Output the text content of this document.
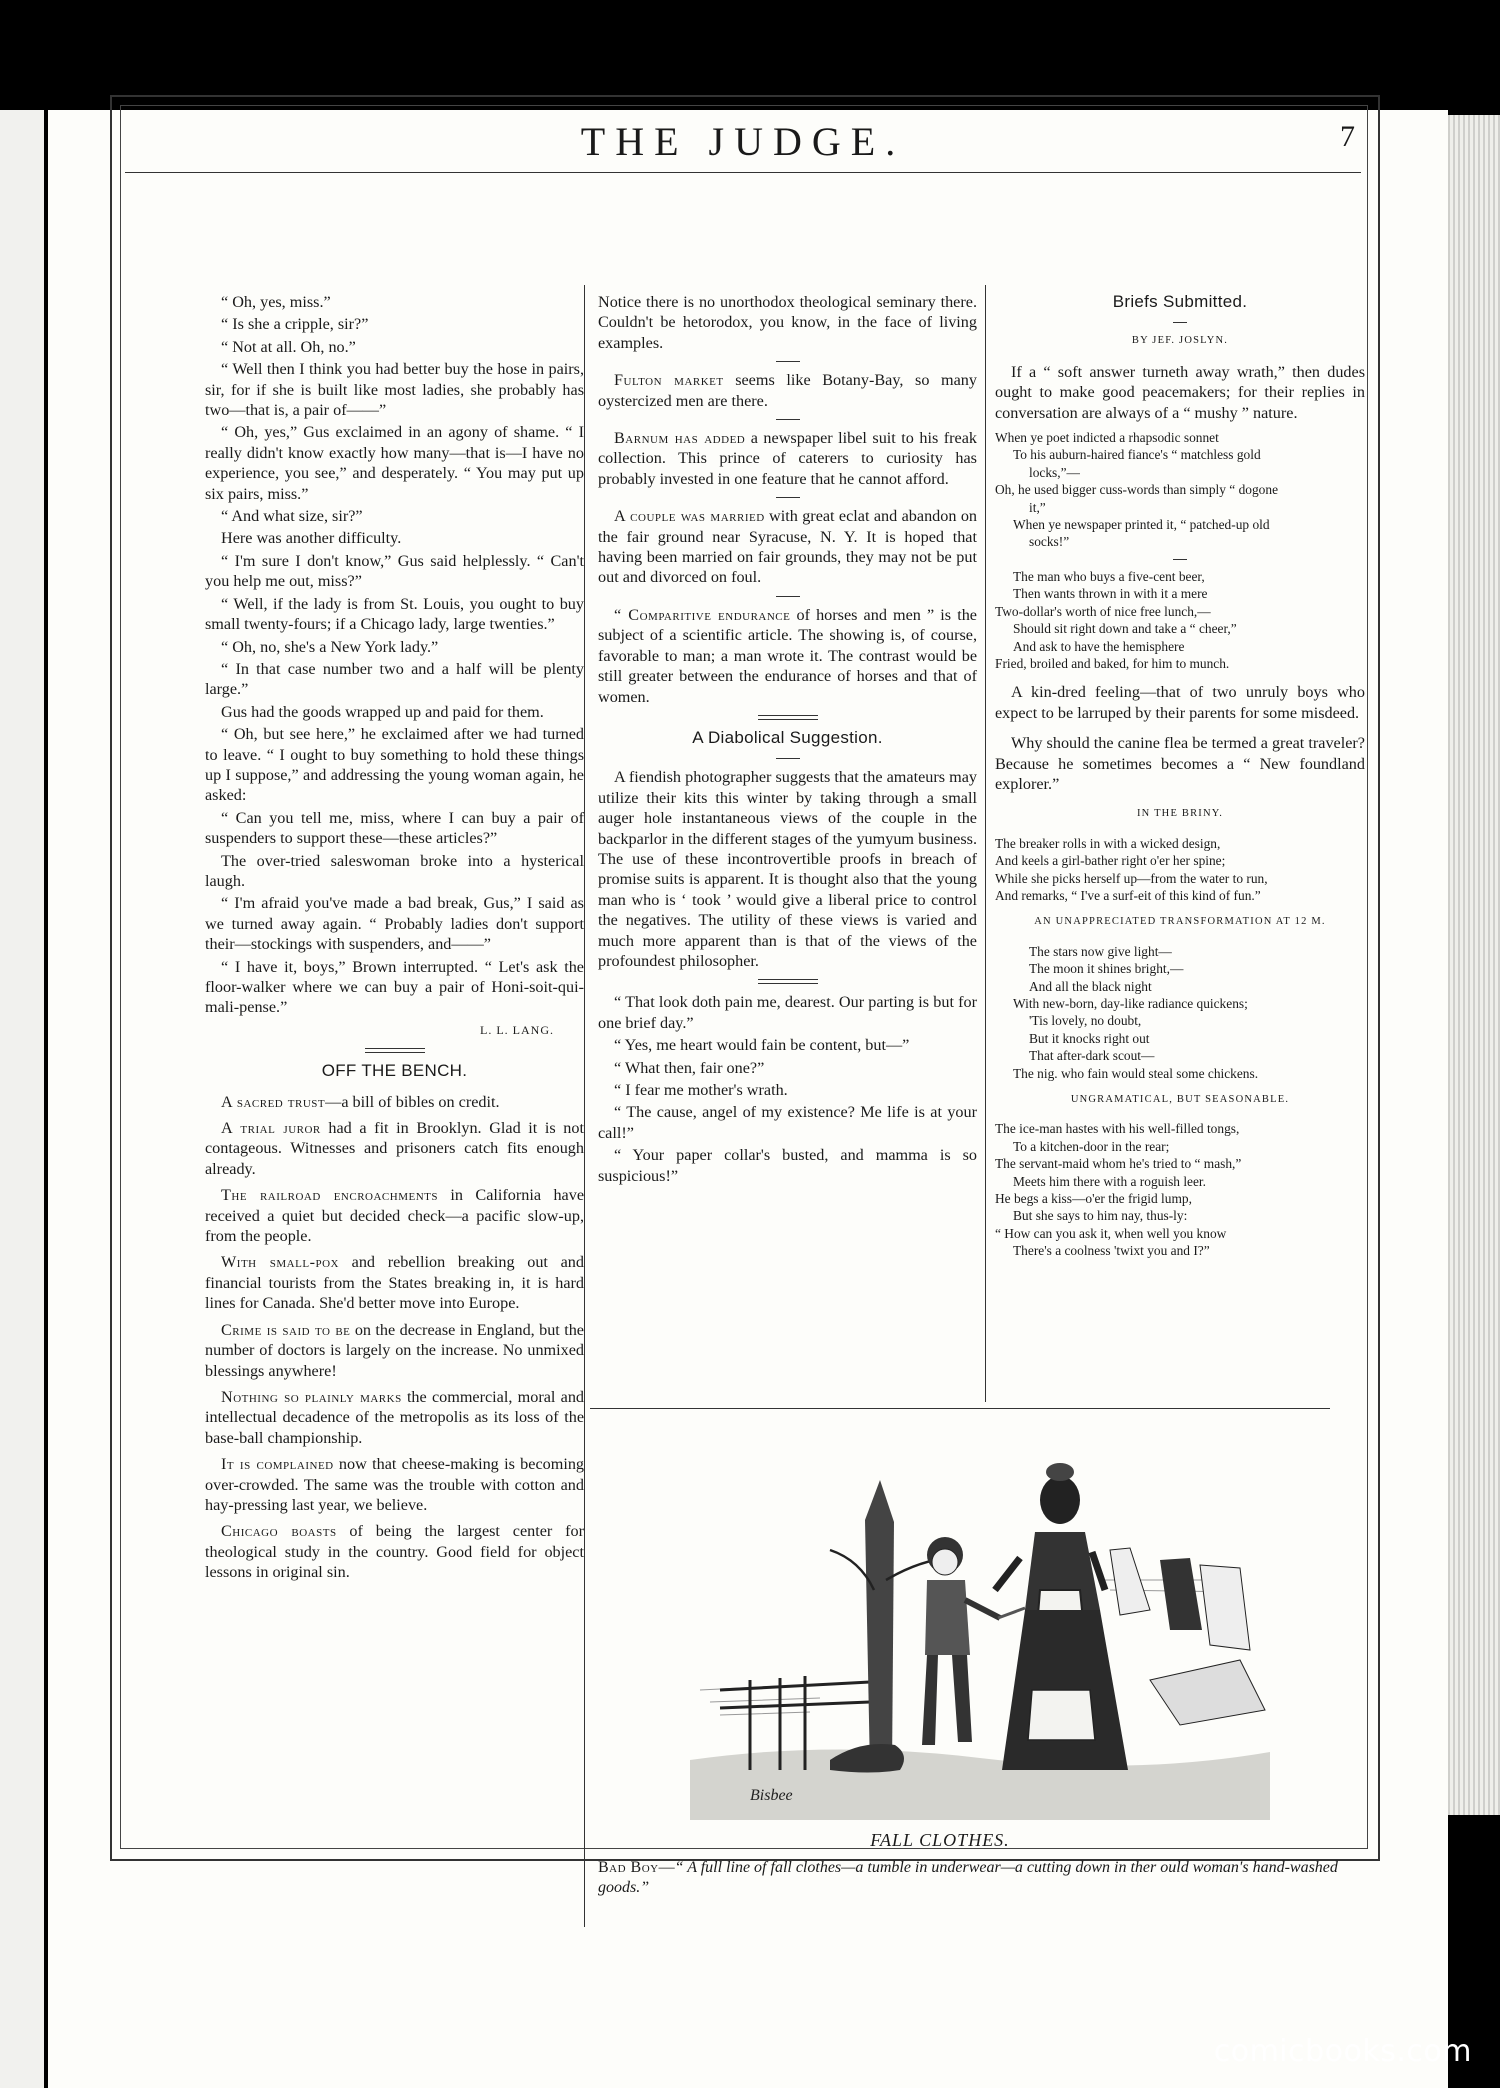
THE JUDGE.	7

“ Oh, yes, miss.”

“ Is she a cripple, sir?”

“ Not at all. Oh, no.”

“ Well then I think you had better buy the hose in pairs, sir, for if she is built like most ladies, she probably has two—that is, a pair of——”

“ Oh, yes,” Gus exclaimed in an agony of shame. “ I really didn't know exactly how many—that is—I have no experience, you see,” and desperately. “ You may put up six pairs, miss.”

“ And what size, sir?”

Here was another difficulty.

“ I'm sure I don't know,” Gus said helplessly. “ Can't you help me out, miss?”

“ Well, if the lady is from St. Louis, you ought to buy small twenty-fours; if a Chicago lady, large twenties.”

“ Oh, no, she's a New York lady.”

“ In that case number two and a half will be plenty large.”

Gus had the goods wrapped up and paid for them.

“ Oh, but see here,” he exclaimed after we had turned to leave. “ I ought to buy something to hold these things up I suppose,” and addressing the young woman again, he asked:

“ Can you tell me, miss, where I can buy a pair of suspenders to support these—these articles?”

The over-tried saleswoman broke into a hysterical laugh.

“ I'm afraid you've made a bad break, Gus,” I said as we turned away again. “ Probably ladies don't support their—stockings with suspenders, and——”

“ I have it, boys,” Brown interrupted. “ Let's ask the floor-walker where we can buy a pair of Honi-soit-qui-mali-pense.”

L. L. LANG.
OFF THE BENCH.

A sacred trust—a bill of bibles on credit.

A trial juror had a fit in Brooklyn. Glad it is not contageous. Witnesses and prisoners catch fits enough already.

The railroad encroachments in California have received a quiet but decided check—a pacific slow-up, from the people.

With small-pox and rebellion breaking out and financial tourists from the States breaking in, it is hard lines for Canada. She'd better move into Europe.

Crime is said to be on the decrease in England, but the number of doctors is largely on the increase. No unmixed blessings anywhere!

Nothing so plainly marks the commercial, moral and intellectual decadence of the metropolis as its loss of the base-ball championship.

It is complained now that cheese-making is becoming over-crowded. The same was the trouble with cotton and hay-pressing last year, we believe.

Chicago boasts of being the largest center for theological study in the country. Good field for object lessons in original sin.

Notice there is no unorthodox theological seminary there. Couldn't be hetorodox, you know, in the face of living examples.

Fulton market seems like Botany-Bay, so many oystercized men are there.

Barnum has added a newspaper libel suit to his freak collection. This prince of caterers to curiosity has probably invested in one feature that he cannot afford.

A couple was married with great eclat and abandon on the fair ground near Syracuse, N. Y. It is hoped that having been married on fair grounds, they may not be put out and divorced on foul.

“ Comparitive endurance of horses and men ” is the subject of a scientific article. The showing is, of course, favorable to man; a man wrote it. The contrast would be still greater between the endurance of horses and that of women.

A Diabolical Suggestion.

A fiendish photographer suggests that the amateurs may utilize their kits this winter by taking through a small auger hole instantaneous views of the couple in the backparlor in the different stages of the yumyum business. The use of these incontrovertible proofs in breach of promise suits is apparent. It is thought also that the young man who is ‘ took ’ would give a liberal price to control the negatives. The utility of these views is varied and much more apparent than is that of the views of the profoundest philosopher.

“ That look doth pain me, dearest. Our parting is but for one brief day.”

“ Yes, me heart would fain be content, but—”

“ What then, fair one?”

“ I fear me mother's wrath.

“ The cause, angel of my existence? Me life is at your call!”

“ Your paper collar's busted, and mamma is so suspicious!”

Briefs Submitted.
BY JEF. JOSLYN.

If a “ soft answer turneth away wrath,” then dudes ought to make good peacemakers; for their replies in conversation are always of a “ mushy ” nature.

When ye poet indicted a rhapsodic sonnet
To his auburn-haired fiance's “ matchless gold
locks,”—
Oh, he used bigger cuss-words than simply “ dogone
it,”
When ye newspaper printed it, “ patched-up old
socks!”
The man who buys a five-cent beer,
Then wants thrown in with it a mere
Two-dollar's worth of nice free lunch,—
Should sit right down and take a “ cheer,”
And ask to have the hemisphere
Fried, broiled and baked, for him to munch.

A kin-dred feeling—that of two unruly boys who expect to be larruped by their parents for some misdeed.

Why should the canine flea be termed a great traveler? Because he sometimes becomes a “ New foundland explorer.”

IN THE BRINY.
The breaker rolls in with a wicked design,
And keels a girl-bather right o'er her spine;
While she picks herself up—from the water to run,
And remarks, “ I've a surf-eit of this kind of fun.”
AN UNAPPRECIATED TRANSFORMATION AT 12 M.
The stars now give light—
The moon it shines bright,—
And all the black night
With new-born, day-like radiance quickens;
'Tis lovely, no doubt,
But it knocks right out
That after-dark scout—
The nig. who fain would steal some chickens.
UNGRAMATICAL, BUT SEASONABLE.
The ice-man hastes with his well-filled tongs,
To a kitchen-door in the rear;
The servant-maid whom he's tried to “ mash,”
Meets him there with a roguish leer.
He begs a kiss—o'er the frigid lump,
But she says to him nay, thus-ly:
“ How can you ask it, when well you know
There's a coolness 'twixt you and I?”
Bisbee
FALL CLOTHES.
Bad Boy—“ A full line of fall clothes—a tumble in underwear—a cutting down in ther ould woman's hand-washed goods.”
comicbooks.com
